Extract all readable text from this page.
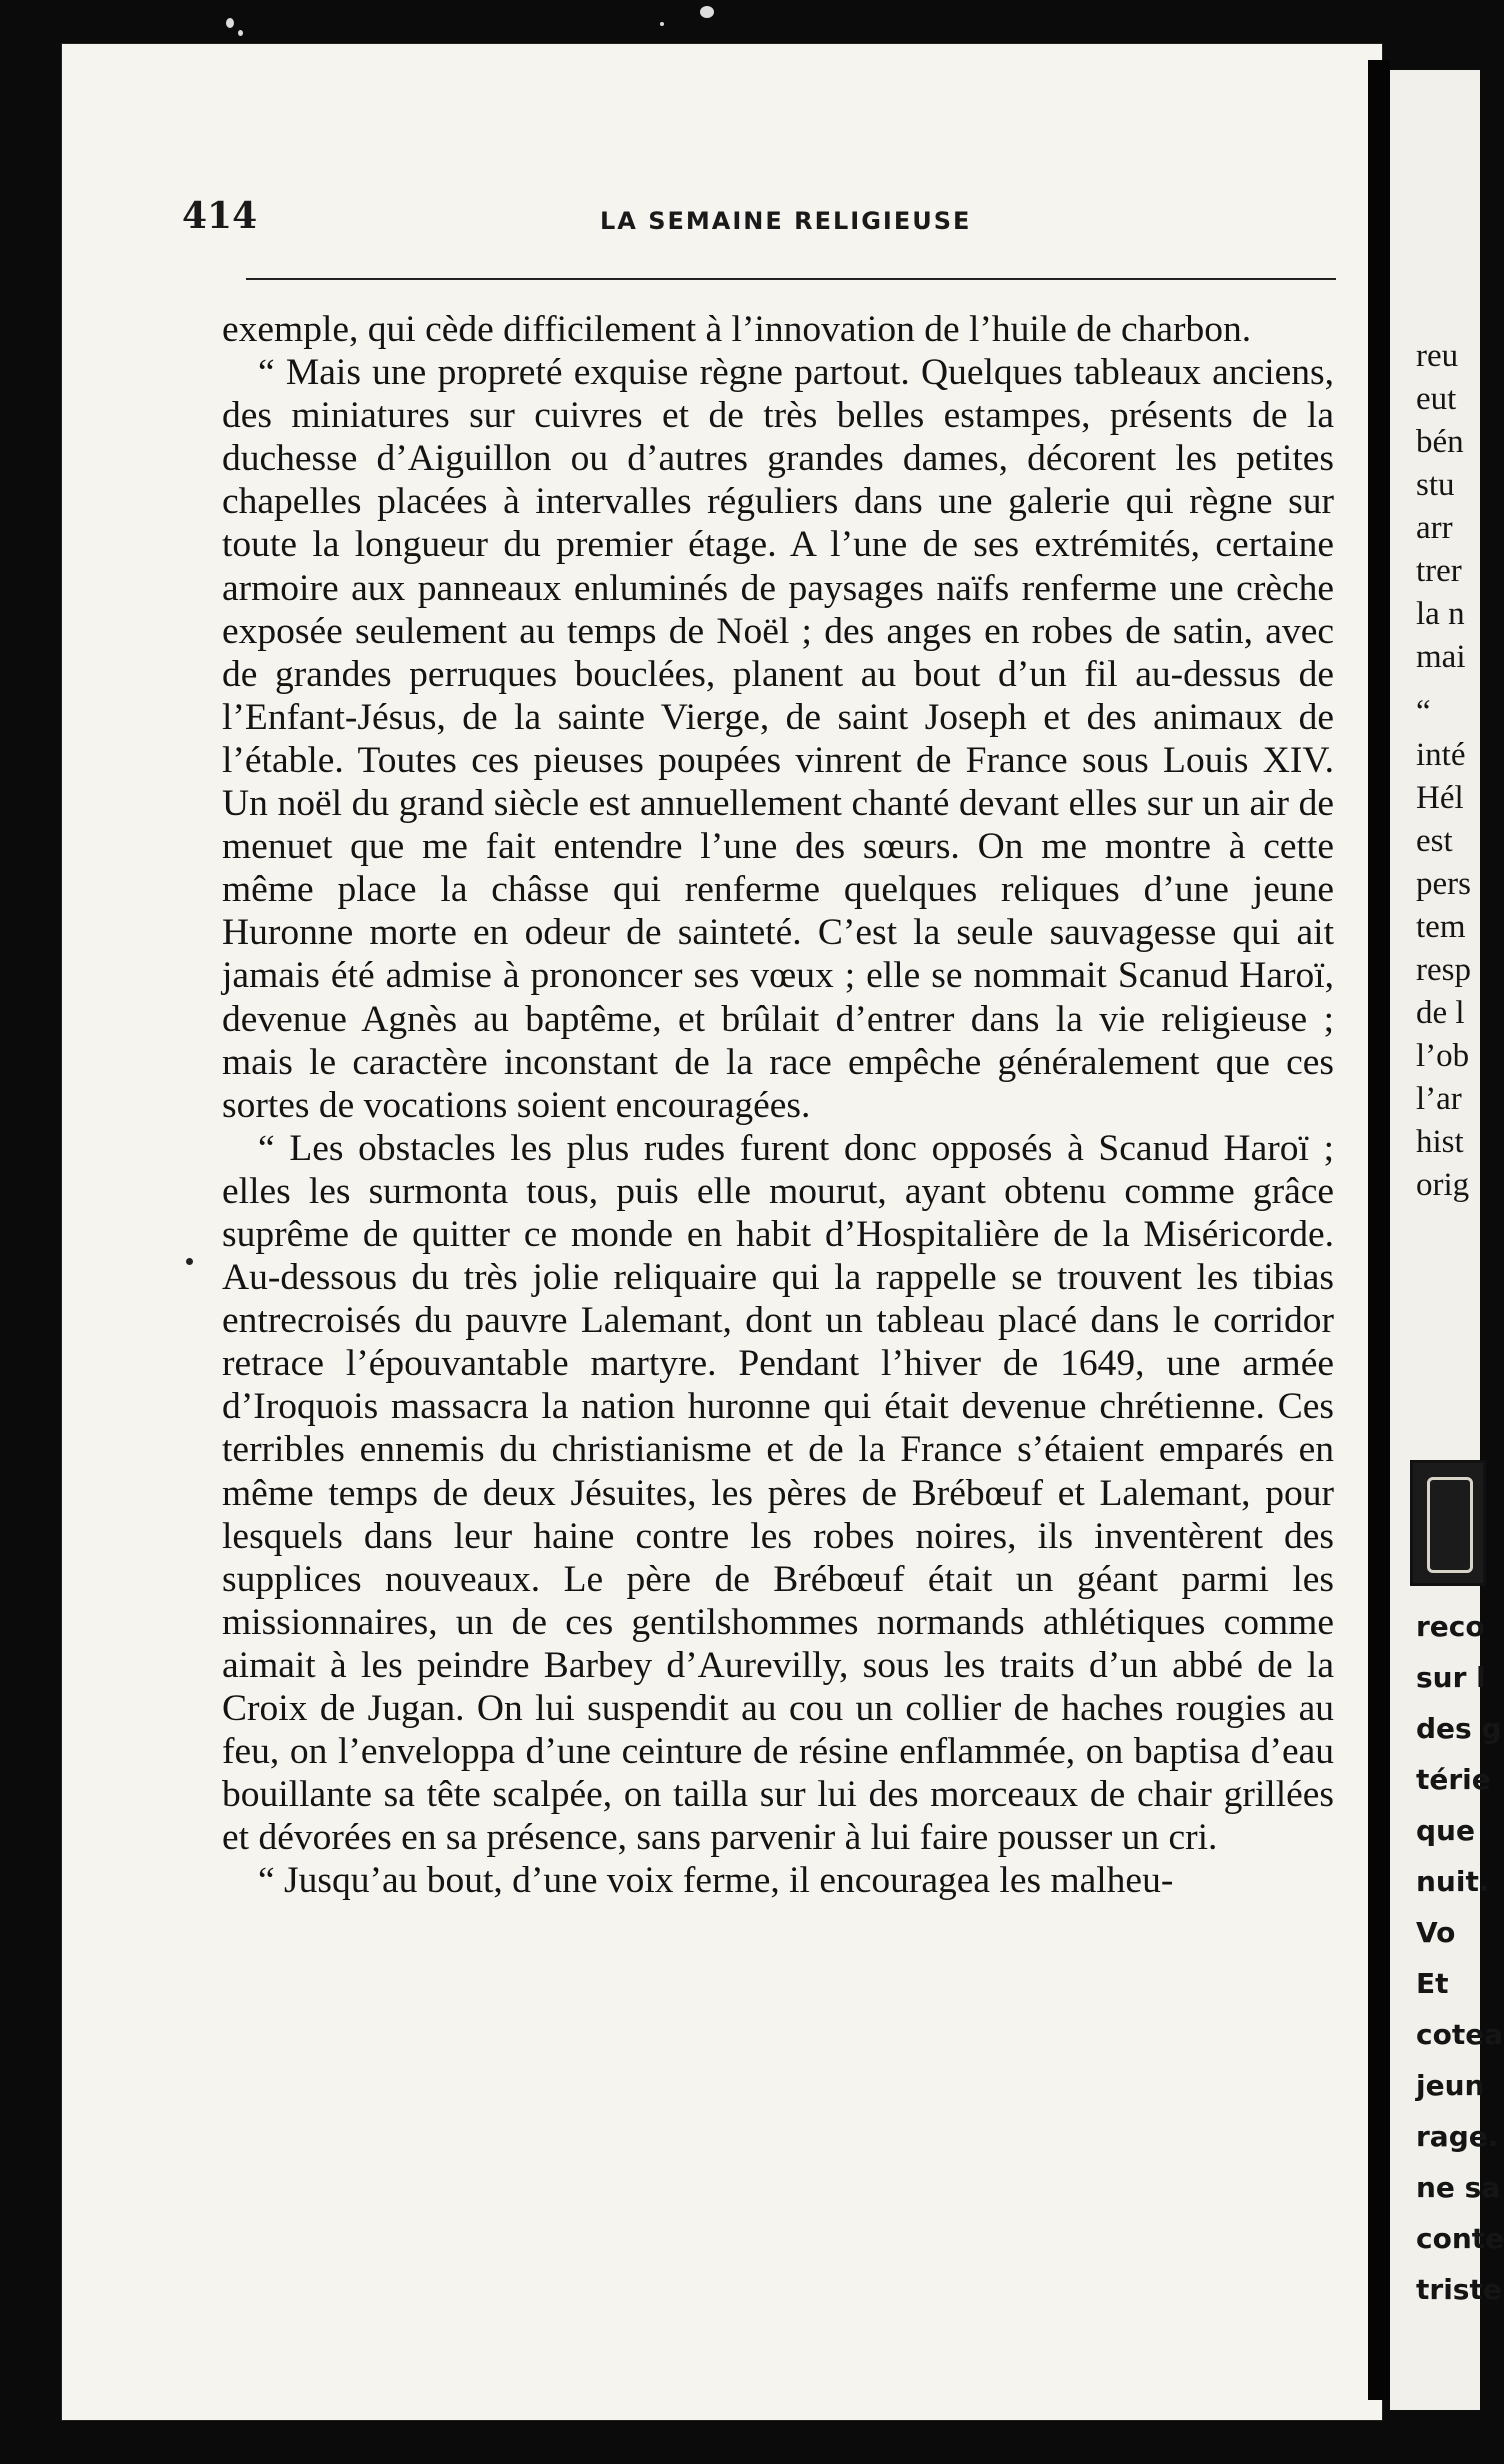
414	LA SEMAINE RELIGIEUSE

exemple, qui cède difficilement à l’innovation de l’huile de charbon.

“ Mais une propreté exquise règne partout. Quelques tableaux anciens, des miniatures sur cuivres et de très belles estampes, présents de la duchesse d’Aiguillon ou d’autres grandes dames, décorent les petites chapelles placées à intervalles réguliers dans une galerie qui règne sur toute la longueur du premier étage. A l’une de ses extrémités, certaine armoire aux panneaux enluminés de paysages naïfs renferme une crèche exposée seulement au temps de Noël ; des anges en robes de satin, avec de grandes perruques bouclées, planent au bout d’un fil au-dessus de l’Enfant-Jésus, de la sainte Vierge, de saint Joseph et des animaux de l’étable. Toutes ces pieuses poupées vinrent de France sous Louis XIV. Un noël du grand siècle est annuellement chanté devant elles sur un air de menuet que me fait entendre l’une des sœurs. On me montre à cette même place la châsse qui renferme quelques reliques d’une jeune Huronne morte en odeur de sainteté. C’est la seule sauvagesse qui ait jamais été admise à prononcer ses vœux ; elle se nommait Scanud Haroï, devenue Agnès au baptême, et brûlait d’entrer dans la vie religieuse ; mais le caractère inconstant de la race empêche généralement que ces sortes de vocations soient encouragées.

“ Les obstacles les plus rudes furent donc opposés à Scanud Haroï ; elles les surmonta tous, puis elle mourut, ayant obtenu comme grâce suprême de quitter ce monde en habit d’Hospitalière de la Miséricorde. Au-dessous du très jolie reliquaire qui la rappelle se trouvent les tibias entrecroisés du pauvre Lalemant, dont un tableau placé dans le corridor retrace l’épouvantable martyre. Pendant l’hiver de 1649, une armée d’Iroquois massacra la nation huronne qui était devenue chrétienne. Ces terribles ennemis du christianisme et de la France s’étaient emparés en même temps de deux Jésuites, les pères de Brébœuf et Lalemant, pour lesquels dans leur haine contre les robes noires, ils inventèrent des supplices nouveaux. Le père de Brébœuf était un géant parmi les missionnaires, un de ces gentilshommes normands athlétiques comme aimait à les peindre Barbey d’Aurevilly, sous les traits d’un abbé de la Croix de Jugan. On lui suspendit au cou un collier de haches rougies au feu, on l’enveloppa d’une ceinture de résine enflammée, on baptisa d’eau bouillante sa tête scalpée, on tailla sur lui des morceaux de chair grillées et dévorées en sa présence, sans parvenir à lui faire pousser un cri.

“ Jusqu’au bout, d’une voix ferme, il encouragea les malheu-

reu
eut
bén
stu
arr
trer
la n
mai
“
inté
Hél
est
pers
tem
resp
de l
l’ob
l’ar
hist
orig
reco
sur l
des g
térie
que
nuit.
Vo
Et
cotea
jeun
rage.
ne sa
conte
triste
